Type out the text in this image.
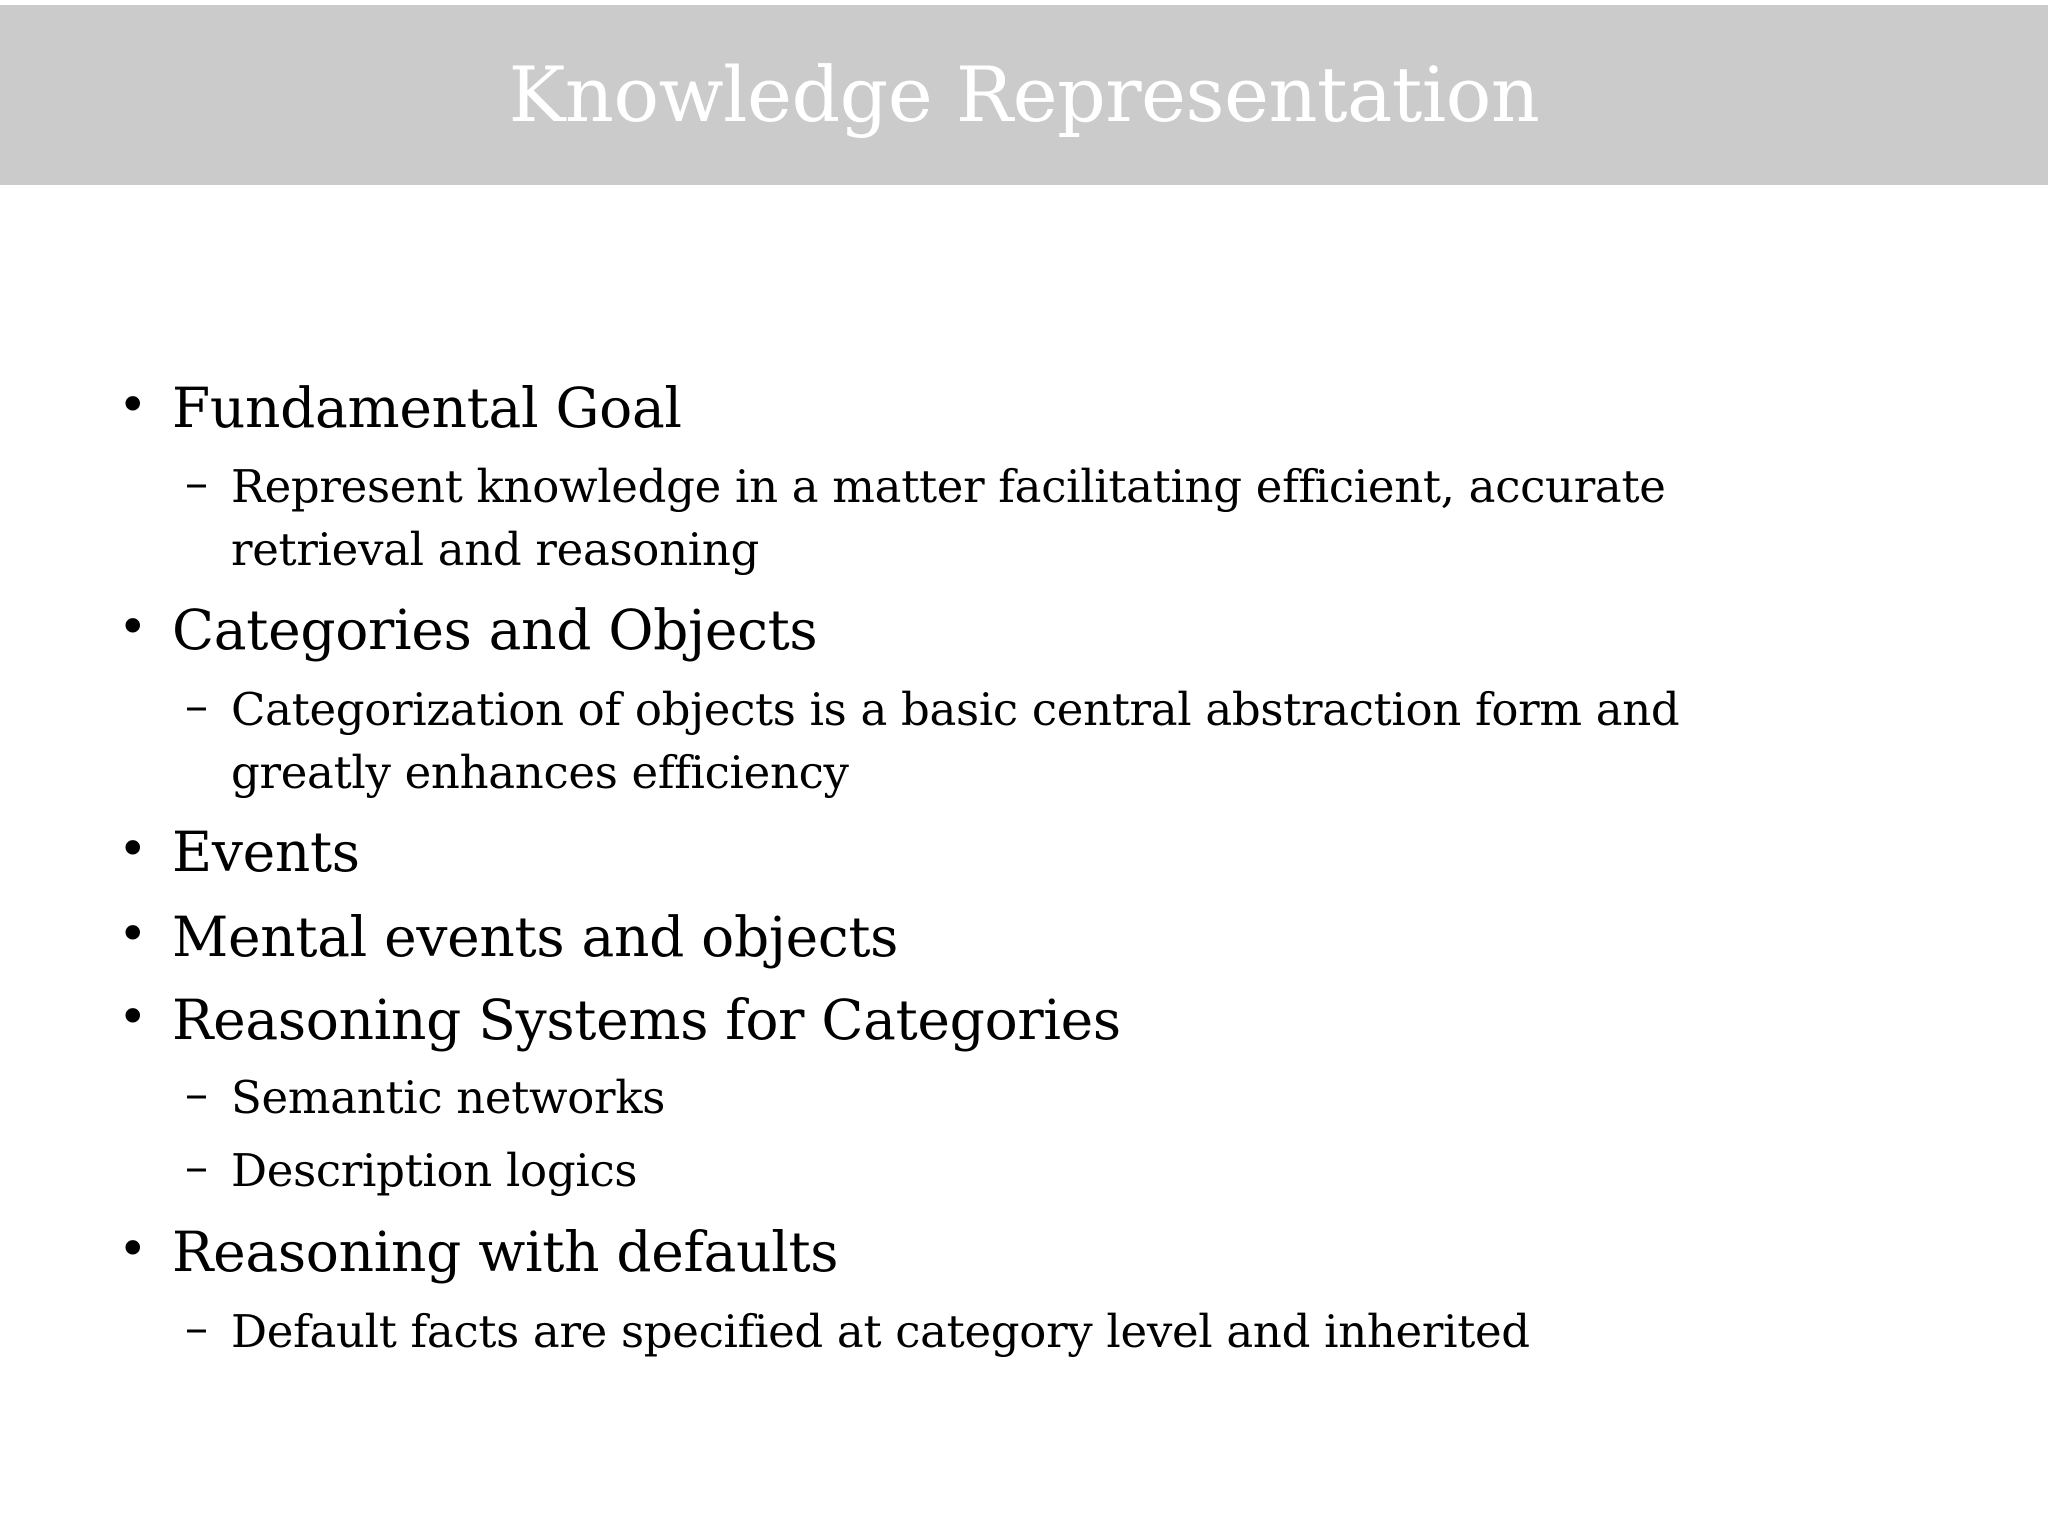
Knowledge Representation
• Fundamental Goal
– Represent knowledge in a matter facilitating efficient, accurate retrieval and reasoning
• Categories and Objects
– Categorization of objects is a basic central abstraction form and greatly enhances efficiency
• Events
• Mental events and objects
• Reasoning Systems for Categories
– Semantic networks
– Description logics
• Reasoning with defaults
– Default facts are specified at category level and inherited
